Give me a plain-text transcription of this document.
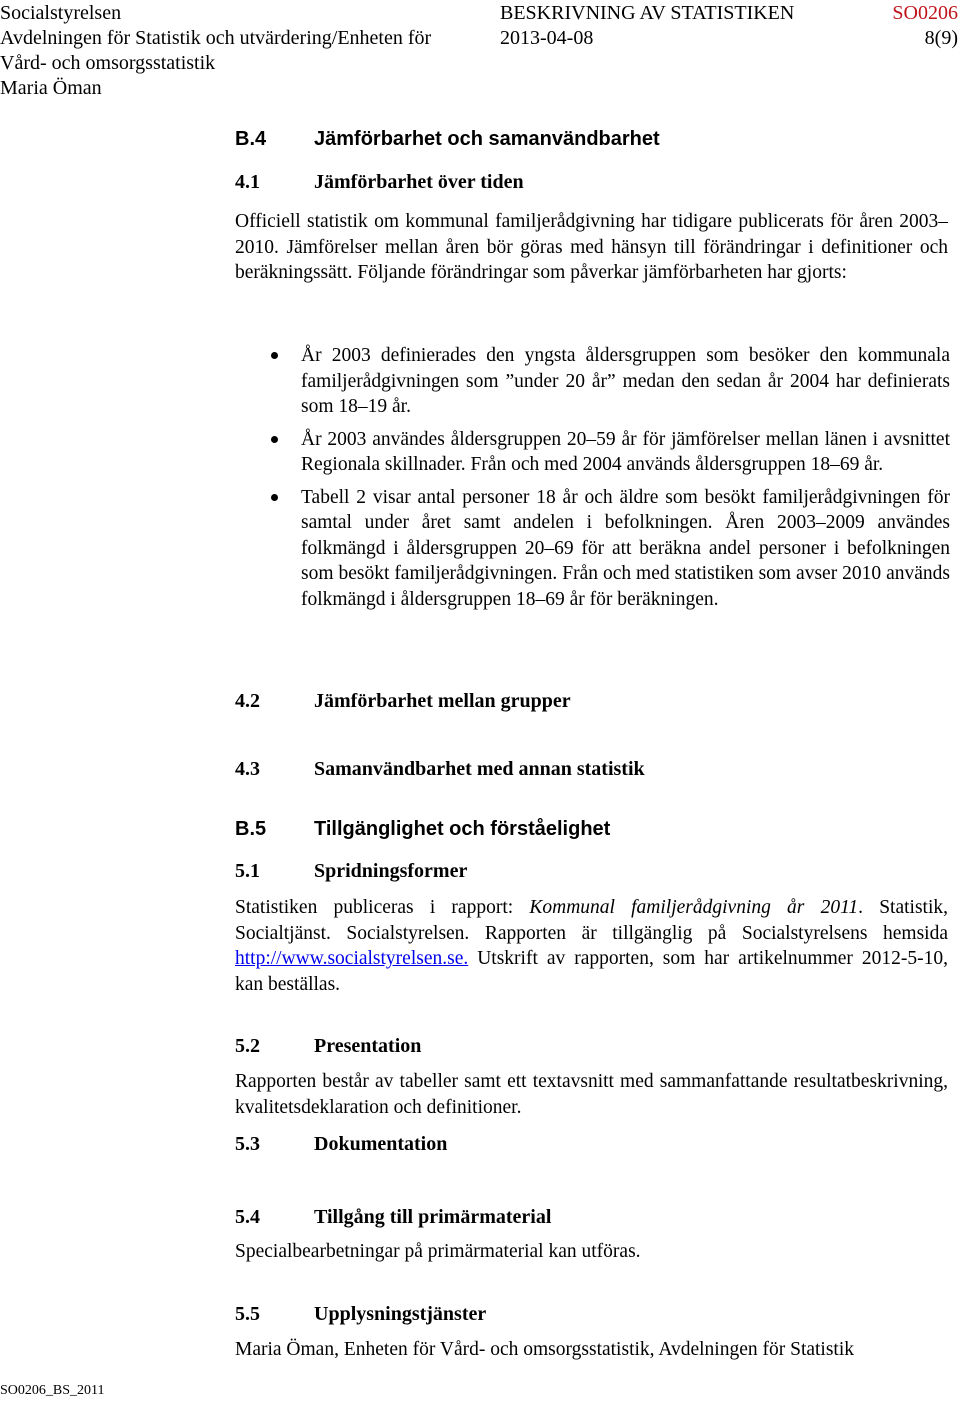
Socialstyrelsen
Avdelningen för Statistik och utvärdering/Enheten för
Vård- och omsorgsstatistik
Maria Öman
BESKRIVNING AV STATISTIKEN
2013-04-08
SO0206
8(9)
B.4 Jämförbarhet och samanvändbarhet
4.1	Jämförbarhet över tiden

Officiell statistik om kommunal familjerådgivning har tidigare publicerats för åren 2003–2010. Jämförelser mellan åren bör göras med hänsyn till förändringar i definitioner och beräkningssätt. Följande förändringar som påverkar jämförbarheten har gjorts:

År 2003 definierades den yngsta åldersgruppen som besöker den kommunala familjerådgivningen som ”under 20 år” medan den sedan år 2004 har definierats som 18–19 år.
År 2003 användes åldersgruppen 20–59 år för jämförelser mellan länen i avsnittet Regionala skillnader. Från och med 2004 används åldersgruppen 18–69 år.
Tabell 2 visar antal personer 18 år och äldre som besökt familjerådgivningen för samtal under året samt andelen i befolkningen. Åren 2003–2009 användes folkmängd i åldersgruppen 20–69 för att beräkna andel personer i befolkningen som besökt familjerådgivningen. Från och med statistiken som avser 2010 används folkmängd i åldersgruppen 18–69 år för beräkningen.
4.2	Jämförbarhet mellan grupper
4.3	Samanvändbarhet med annan statistik
B.5 Tillgänglighet och förståelighet
5.1	Spridningsformer

Statistiken publiceras i rapport: Kommunal familjerådgivning år 2011. Statistik, Socialtjänst. Socialstyrelsen. Rapporten är tillgänglig på Socialstyrelsens hemsida http://www.socialstyrelsen.se. Utskrift av rapporten, som har artikelnummer 2012-5-10, kan beställas.

5.2	Presentation

Rapporten består av tabeller samt ett textavsnitt med sammanfattande resultatbeskrivning, kvalitetsdeklaration och definitioner.

5.3	Dokumentation
5.4	Tillgång till primärmaterial

Specialbearbetningar på primärmaterial kan utföras.

5.5	Upplysningstjänster

Maria Öman, Enheten för Vård- och omsorgsstatistik, Avdelningen för Statistik

SO0206_BS_2011
